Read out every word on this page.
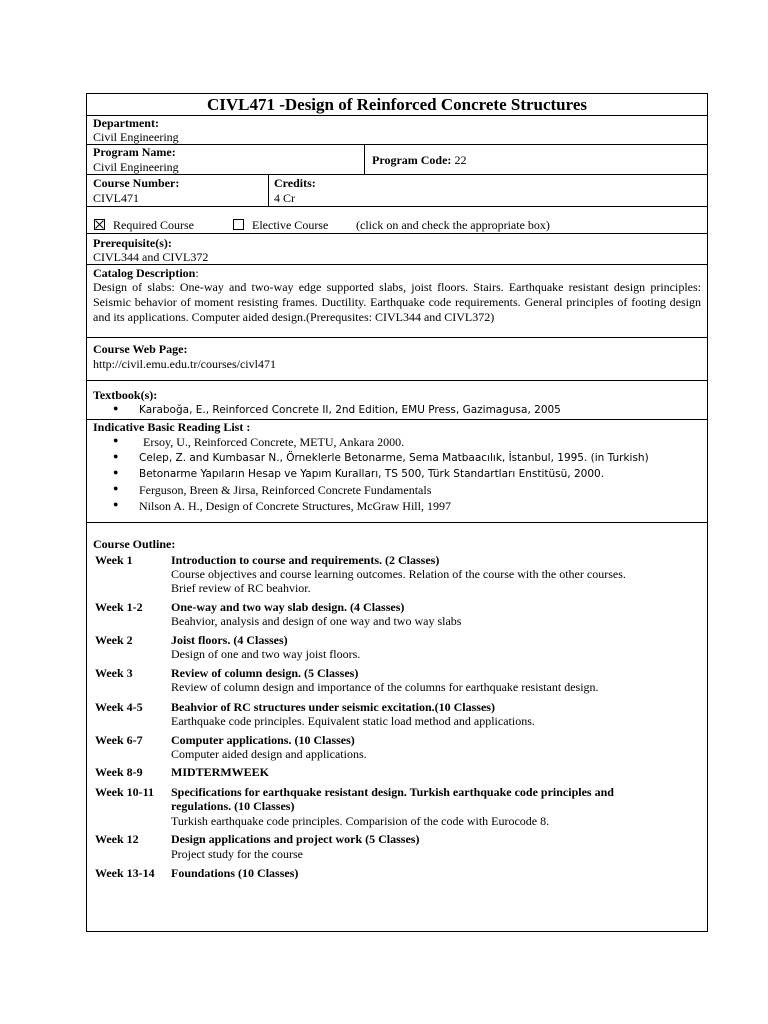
CIVL471 -Design of Reinforced Concrete Structures
Department:
Civil Engineering
Program Name:
Civil Engineering	Program Code: 22
Course Number:
CIVL471
Credits:
4 Cr
Required Course	Elective Course (click on and check the appropriate box)
Prerequisite(s):
CIVL344 and CIVL372
Catalog Description:
Design of slabs: One-way and two-way edge supported slabs, joist floors. Stairs. Earthquake resistant design principles: Seismic behavior of moment resisting frames. Ductility. Earthquake code requirements. General principles of footing design and its applications. Computer aided design.(Prerequsites: CIVL344 and CIVL372)
Course Web Page:
http://civil.emu.edu.tr/courses/civl471
Textbook(s):
● Karaboğa, E., Reinforced Concrete II, 2nd Edition, EMU Press, Gazimagusa, 2005
Indicative Basic Reading List :
● Ersoy, U., Reinforced Concrete, METU, Ankara 2000.
● Celep, Z. and Kumbasar N., Örneklerle Betonarme, Sema Matbaacılık, İstanbul, 1995. (in Turkish)
● Betonarme Yapıların Hesap ve Yapım Kuralları, TS 500, Türk Standartları Enstitüsü, 2000.
● Ferguson, Breen & Jirsa, Reinforced Concrete Fundamentals
● Nilson A. H., Design of Concrete Structures, McGraw Hill, 1997
Course Outline:
Week 1	Introduction to course and requirements. (2 Classes)
Course objectives and course learning outcomes. Relation of the course with the other courses.
Brief review of RC beahvior.
Week 1-2 One-way and two way slab design. (4 Classes)
Beahvior, analysis and design of one way and two way slabs
Week 2	Joist floors. (4 Classes)
Design of one and two way joist floors.
Week 3	Review of column design. (5 Classes)
Review of column design and importance of the columns for earthquake resistant design.
Week 4-5 Beahvior of RC structures under seismic excitation.(10 Classes)
Earthquake code principles. Equivalent static load method and applications.
Week 6-7 Computer applications. (10 Classes)
Computer aided design and applications.
Week 8-9 MIDTERMWEEK
Week 10-11 Specifications for earthquake resistant design. Turkish earthquake code principles and
regulations. (10 Classes)
Turkish earthquake code principles. Comparision of the code with Eurocode 8.
Week 12	Design applications and project work (5 Classes)
Project study for the course
Week 13-14 Foundations (10 Classes)
